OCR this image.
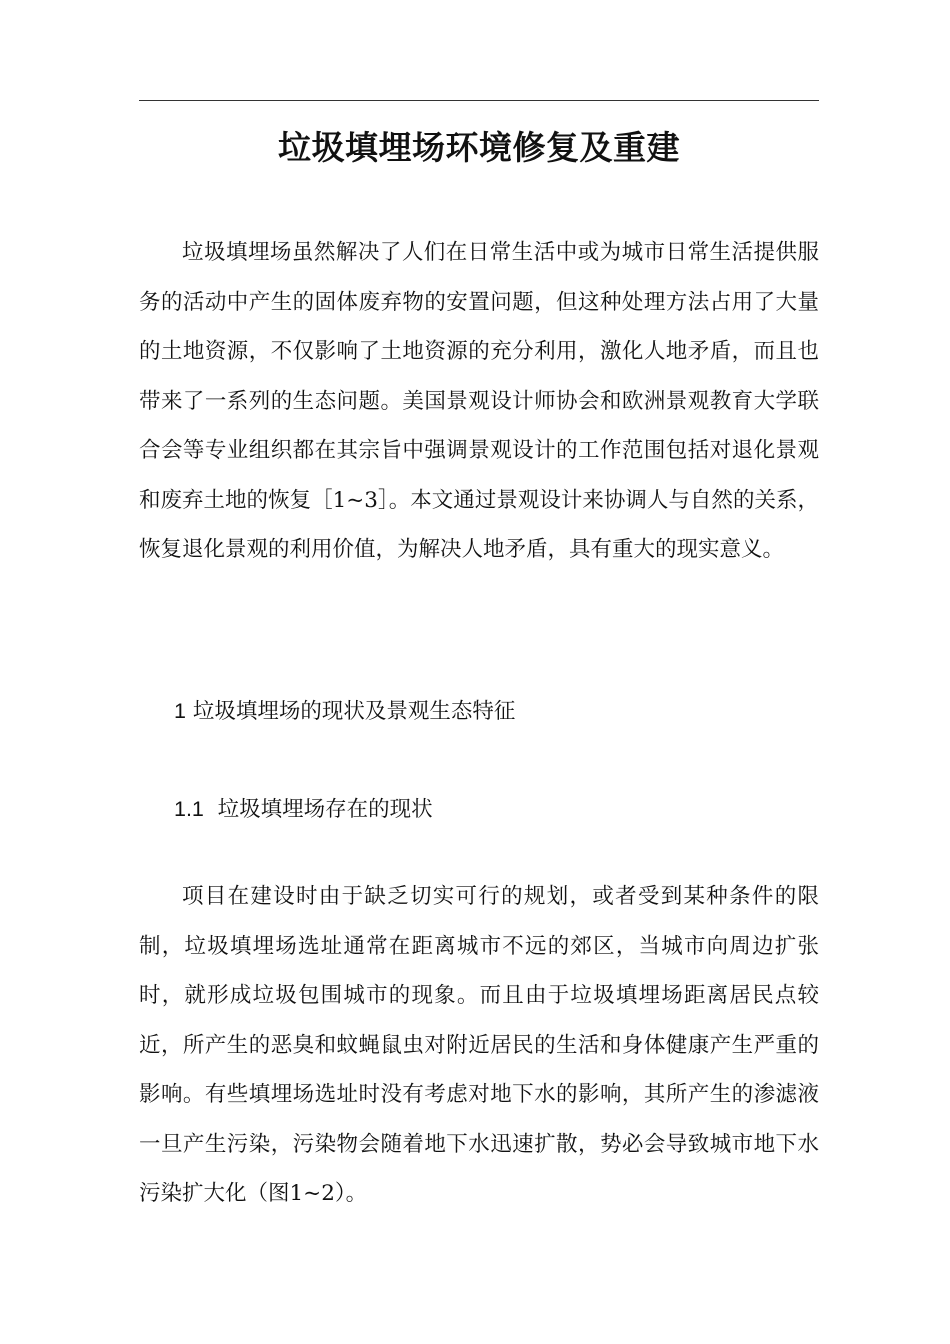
垃圾填埋场环境修复及重建

垃圾填埋场虽然解决了人们在日常生活中或为城市日常生活提供服务的活动中产生的固体废弃物的安置问题，但这种处理方法占用了大量的土地资源，不仅影响了土地资源的充分利用，激化人地矛盾，而且也带来了一系列的生态问题。美国景观设计师协会和欧洲景观教育大学联合会等专业组织都在其宗旨中强调景观设计的工作范围包括对退化景观和废弃土地的恢复［1~3］。本文通过景观设计来协调人与自然的关系，恢复退化景观的利用价值，为解决人地矛盾，具有重大的现实意义。

1 垃圾填埋场的现状及景观生态特征

1.1 垃圾填埋场存在的现状

项目在建设时由于缺乏切实可行的规划，或者受到某种条件的限制，垃圾填埋场选址通常在距离城市不远的郊区，当城市向周边扩张时，就形成垃圾包围城市的现象。而且由于垃圾填埋场距离居民点较近，所产生的恶臭和蚊蝇鼠虫对附近居民的生活和身体健康产生严重的影响。有些填埋场选址时没有考虑对地下水的影响，其所产生的渗滤液一旦产生污染，污染物会随着地下水迅速扩散，势必会导致城市地下水污染扩大化（图1~2）。
